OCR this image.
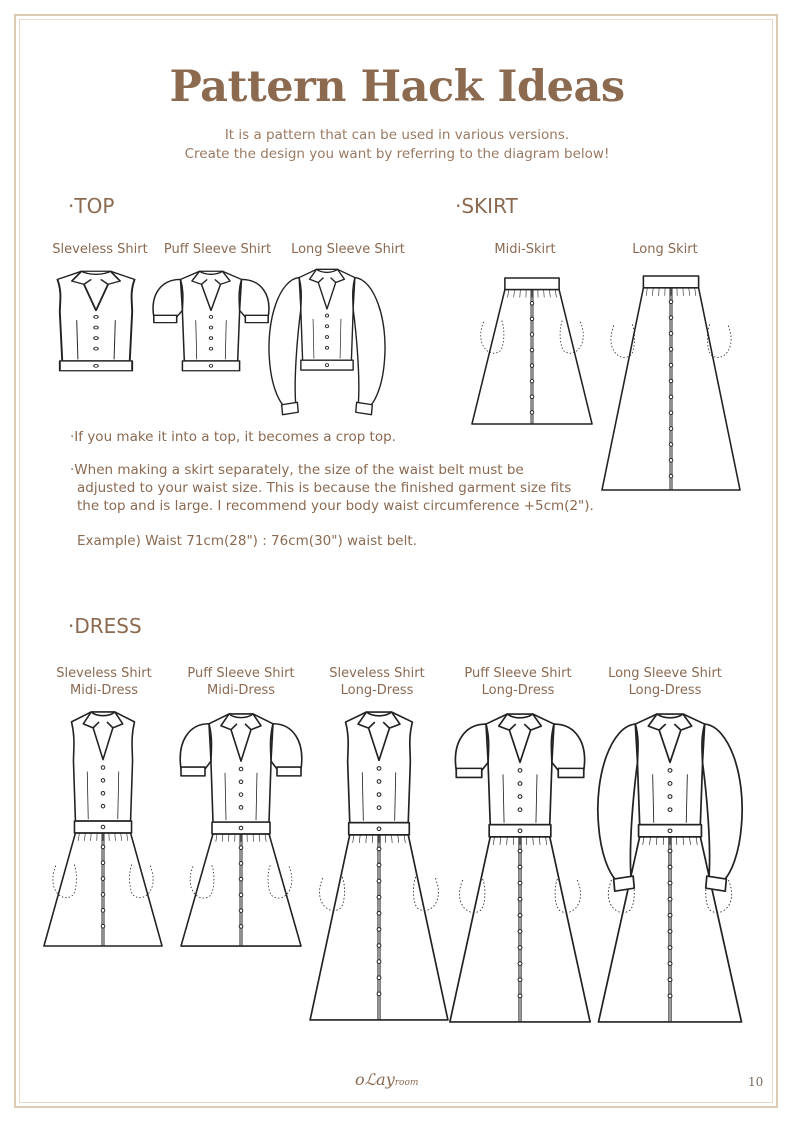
Pattern Hack Ideas
It is a pattern that can be used in various versions.
Create the design you want by referring to the diagram below!
·TOP	·SKIRT
·DRESS
Sleveless Shirt	Puff Sleeve Shirt	Long Sleeve Shirt	Midi-Skirt	Long Skirt
·If you make it into a top, it becomes a crop top.
·When making a skirt separately, the size of the waist belt must be
adjusted to your waist size. This is because the finished garment size fits
the top and is large. I recommend your body waist circumference +5cm(2").
Example) Waist 71cm(28") : 76cm(30") waist belt.
Sleveless Shirt
Midi-Dress
Puff Sleeve Shirt
Midi-Dress
Sleveless Shirt
Long-Dress
Puff Sleeve Shirt
Long-Dress
Long Sleeve Shirt
Long-Dress
oℒayroom	10
